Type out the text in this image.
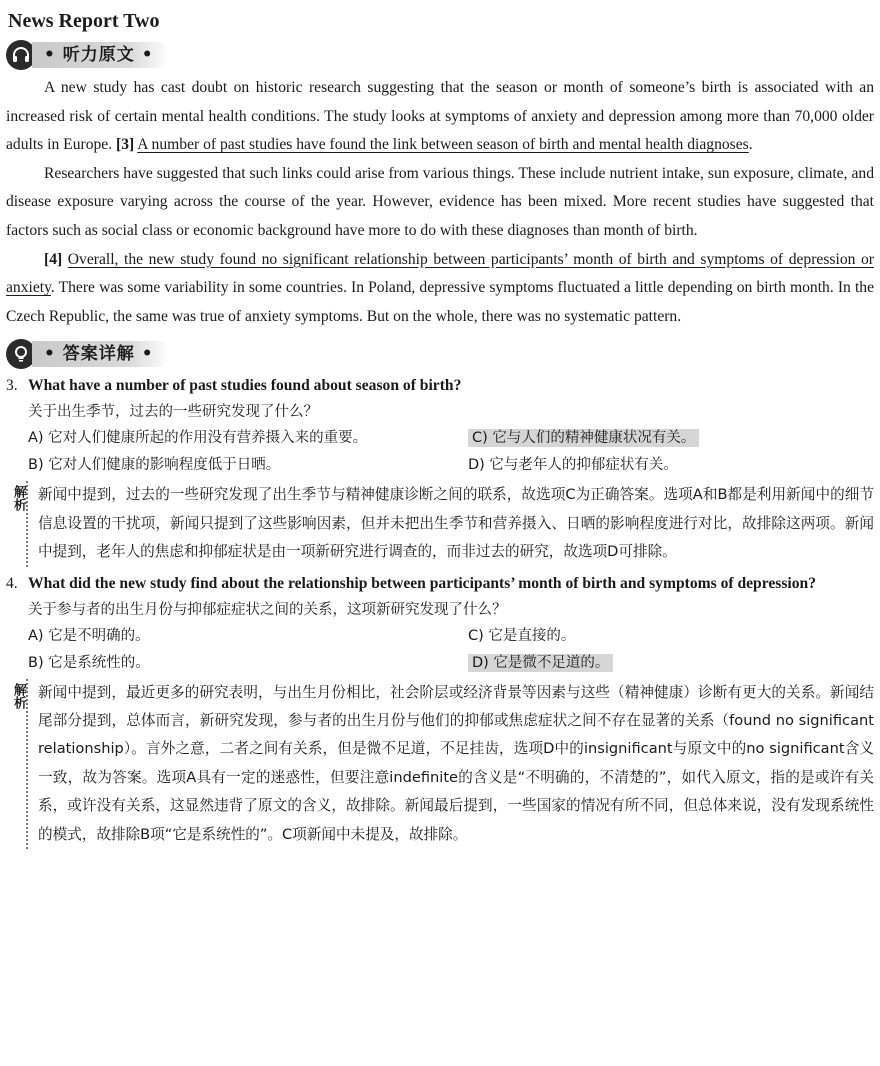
News Report Two
• 听力原文 •

A new study has cast doubt on historic research suggesting that the season or month of someone’s birth is associated with an increased risk of certain mental health conditions. The study looks at symptoms of anxiety and depression among more than 70,000 older adults in Europe. [3] A number of past studies have found the link between season of birth and mental health diagnoses.

Researchers have suggested that such links could arise from various things. These include nutrient intake, sun exposure, climate, and disease exposure varying across the course of the year. However, evidence has been mixed. More recent studies have suggested that factors such as social class or economic background have more to do with these diagnoses than month of birth.

[4] Overall, the new study found no significant relationship between participants’ month of birth and symptoms of depression or anxiety. There was some variability in some countries. In Poland, depressive symptoms fluctuated a little depending on birth month. In the Czech Republic, the same was true of anxiety symptoms. But on the whole, there was no systematic pattern.

• 答案详解 •
3. What have a number of past studies found about season of birth?
关于出生季节，过去的一些研究发现了什么？
A) 它对人们健康所起的作用没有营养摄入来的重要。	C) 它与人们的精神健康状况有关。
B) 它对人们健康的影响程度低于日晒。	D) 它与老年人的抑郁症状有关。
解析 新闻中提到，过去的一些研究发现了出生季节与精神健康诊断之间的联系，故选项C为正确答案。选项A和B都是利用新闻中的细节信息设置的干扰项，新闻只提到了这些影响因素，但并未把出生季节和营养摄入、日晒的影响程度进行对比，故排除这两项。新闻中提到，老年人的焦虑和抑郁症状是由一项新研究进行调查的，而非过去的研究，故选项D可排除。
4. What did the new study find about the relationship between participants’ month of birth and symptoms of depression?
关于参与者的出生月份与抑郁症症状之间的关系，这项新研究发现了什么？
A) 它是不明确的。	C) 它是直接的。
B) 它是系统性的。	D) 它是微不足道的。
解析 新闻中提到，最近更多的研究表明，与出生月份相比，社会阶层或经济背景等因素与这些（精神健康）诊断有更大的关系。新闻结尾部分提到，总体而言，新研究发现，参与者的出生月份与他们的抑郁或焦虑症状之间不存在显著的关系（found no significant relationship）。言外之意，二者之间有关系，但是微不足道，不足挂齿，选项D中的insignificant与原文中的no significant含义一致，故为答案。选项A具有一定的迷惑性，但要注意indefinite的含义是“不明确的，不清楚的”，如代入原文，指的是或许有关系，或许没有关系，这显然违背了原文的含义，故排除。新闻最后提到，一些国家的情况有所不同，但总体来说，没有发现系统性的模式，故排除B项“它是系统性的”。C项新闻中未提及，故排除。
